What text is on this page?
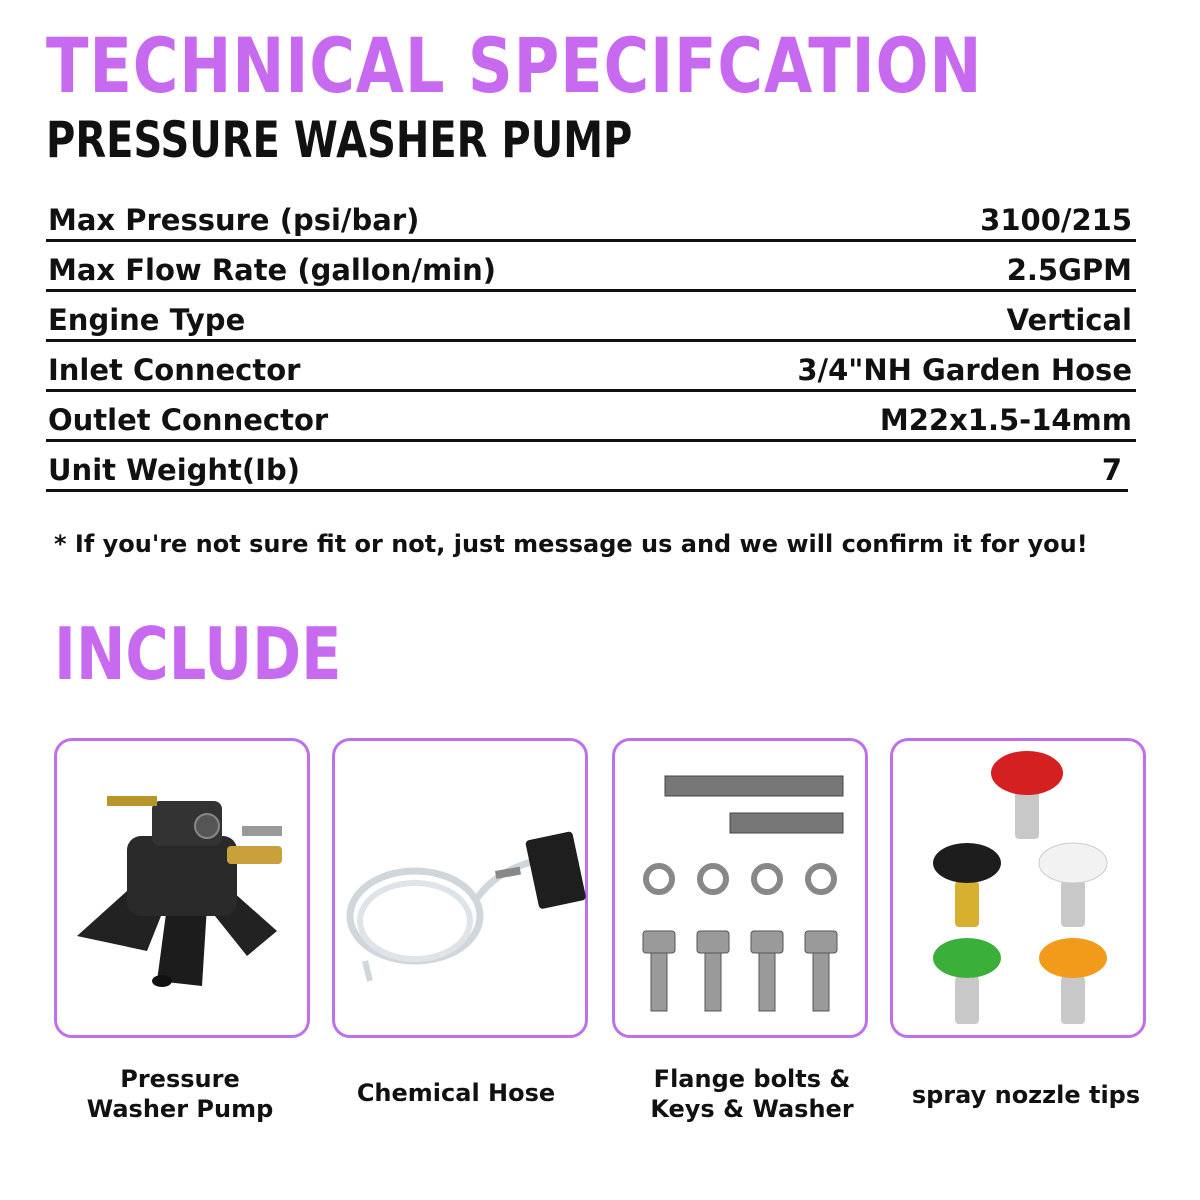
TECHNICAL SPECIFCATION
PRESSURE WASHER PUMP
Max Pressure (psi/bar)	3100/215
Max Flow Rate (gallon/min)	2.5GPM
Engine Type	Vertical
Inlet Connector	3/4"NH Garden Hose
Outlet Connector	M22x1.5-14mm
Unit Weight(Ib)	7
* If you're not sure fit or not, just message us and we will confirm it for you!
INCLUDE
Pressure
Washer Pump
Chemical Hose	Flange bolts &
Keys & Washer	spray nozzle tips
